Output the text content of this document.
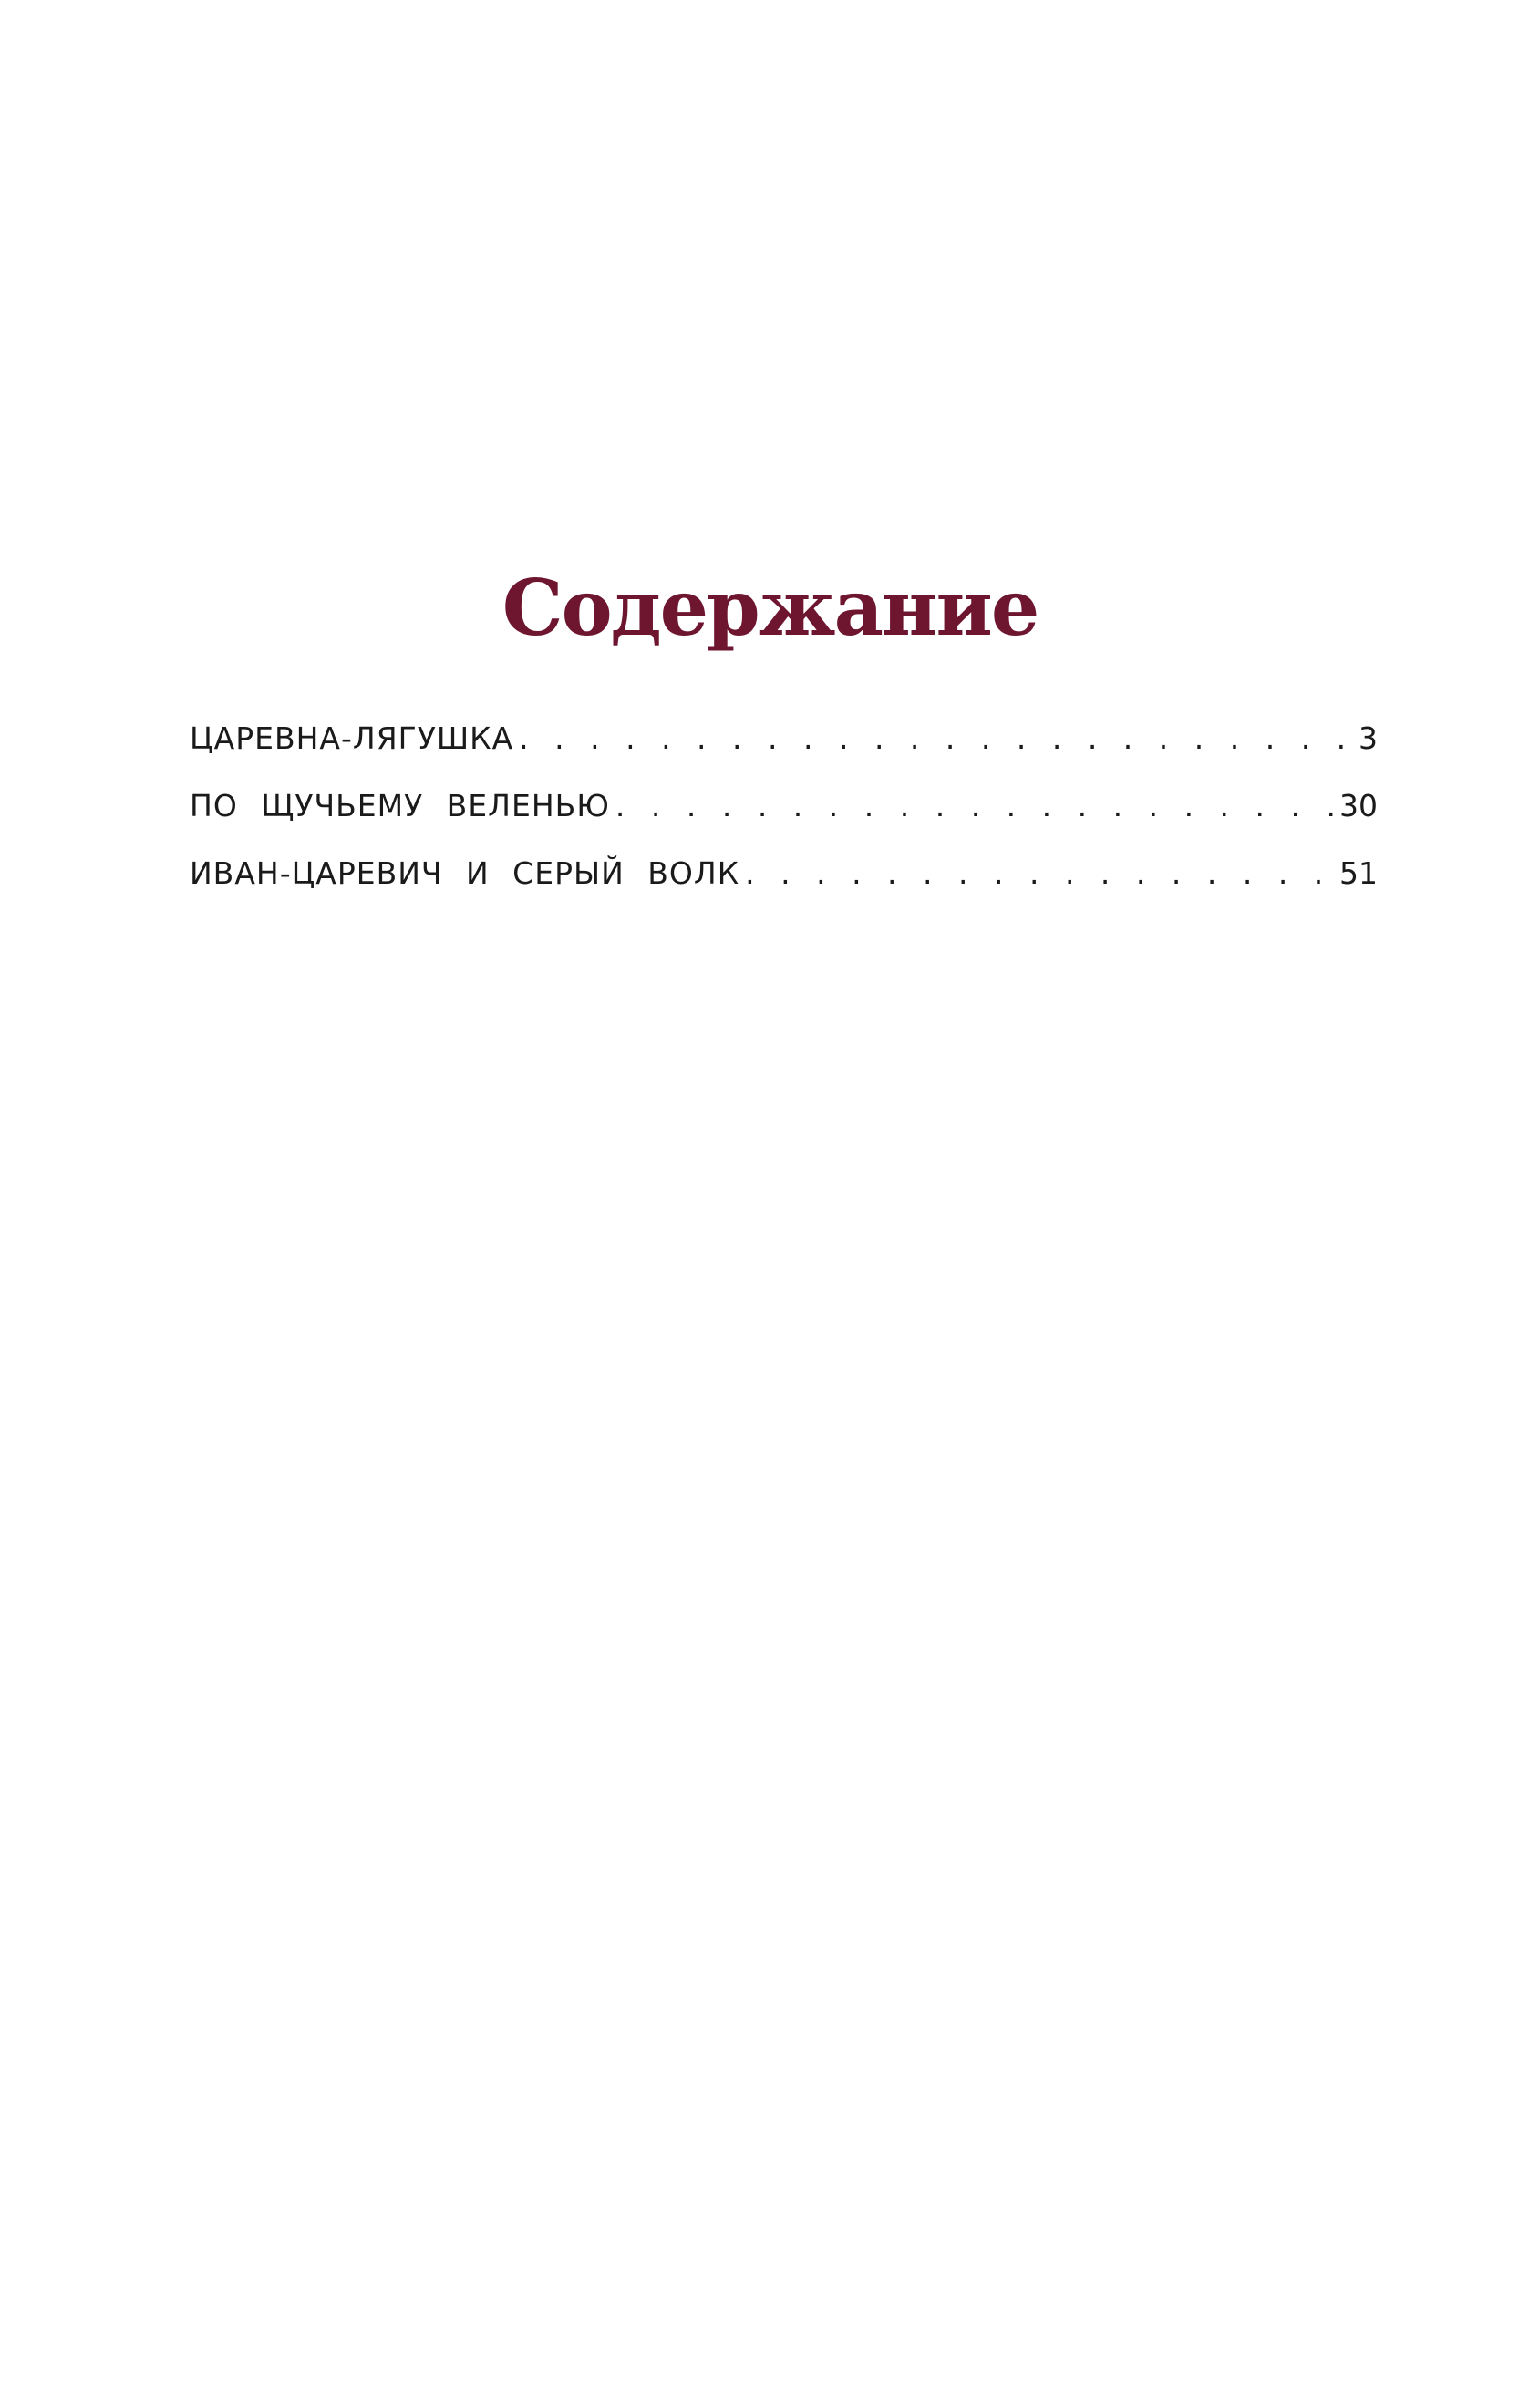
Содержание
ЦАРЕВНА-ЛЯГУШКА . . .	3
ПО ЩУЧЬЕМУ ВЕЛЕНЬЮ . . .	30
ИВАН-ЦАРЕВИЧ И СЕРЫЙ ВОЛК . . .	51
